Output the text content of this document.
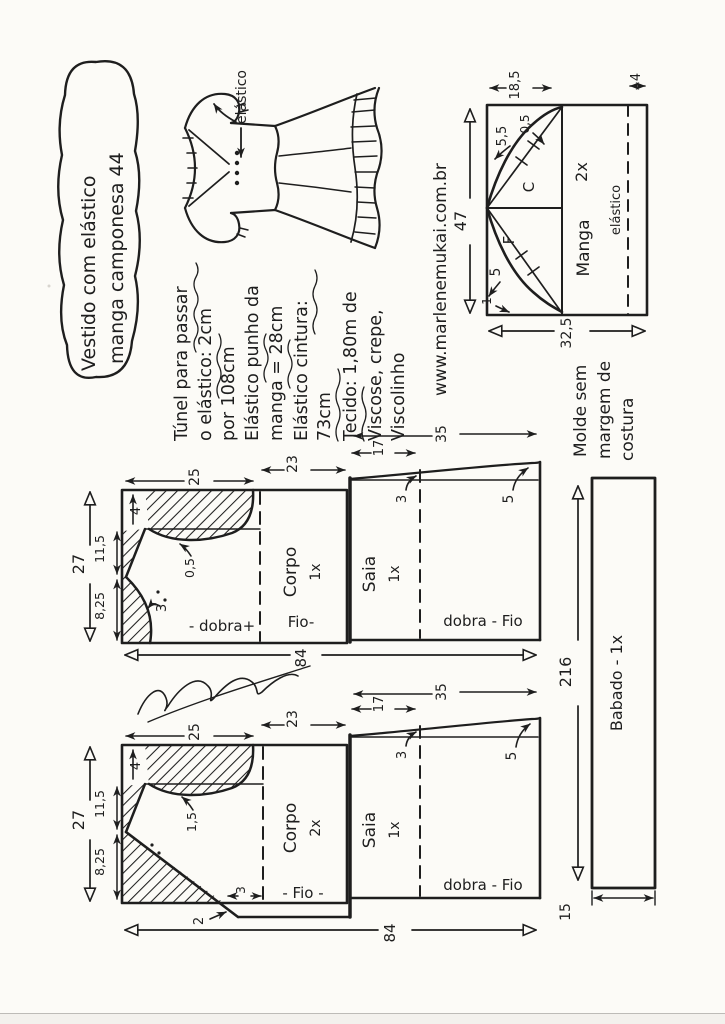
Vestido com elástico manga camponesa 44
elástico
Túnel para passar o elástico: 2cm por 108cm Elástico punho da manga = 28cm Elástico cintura: 73cm Tecido: 1,80m de Viscose, crepe, Viscolinho
www.marlenemukai.com.br 47
18,5	4
32,5
5,5
0,5
5
1
C
F
2x
Manga
elástico
Molde sem margem de costura
Babado - 1x
216
15
25
23
27
4
11,5
8,25
0,5
3
Corpo 1x
- dobra+ Fio-
17
35
3	5
Saia 1x
dobra - Fio
84
25
23
27
4
11,5
8,25
1,5
3
2
Corpo 2x
- Fio -
17
35
3	5
Saia 1x
dobra - Fio
84
